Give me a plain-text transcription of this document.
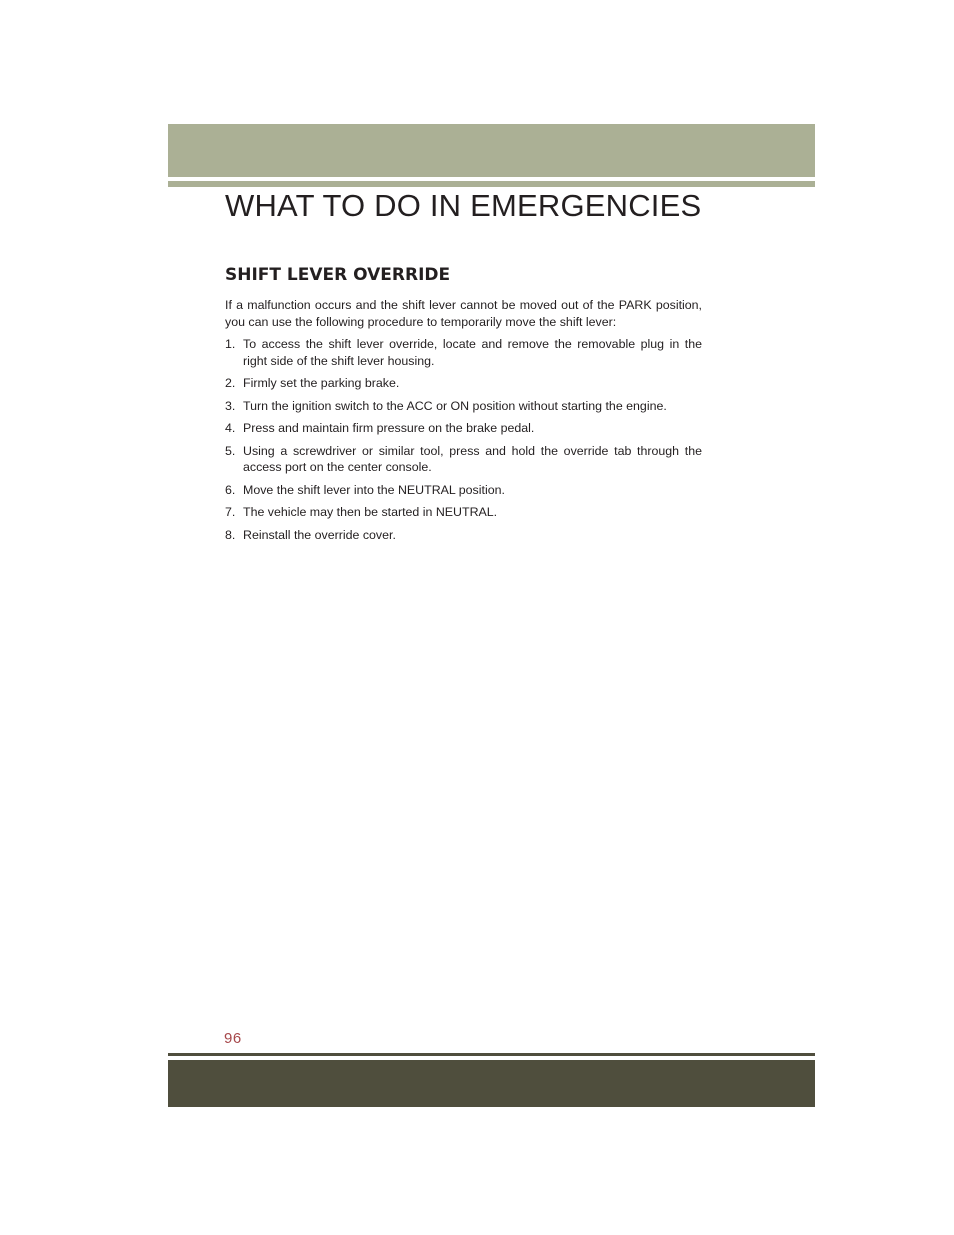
WHAT TO DO IN EMERGENCIES
SHIFT LEVER OVERRIDE

If a malfunction occurs and the shift lever cannot be moved out of the PARK position, you can use the following procedure to temporarily move the shift lever:

1. To access the shift lever override, locate and remove the removable plug in the right side of the shift lever housing.
2. Firmly set the parking brake.
3. Turn the ignition switch to the ACC or ON position without starting the engine.
4. Press and maintain firm pressure on the brake pedal.
5. Using a screwdriver or similar tool, press and hold the override tab through the access port on the center console.
6. Move the shift lever into the NEUTRAL position.
7. The vehicle may then be started in NEUTRAL.
8. Reinstall the override cover.

96
